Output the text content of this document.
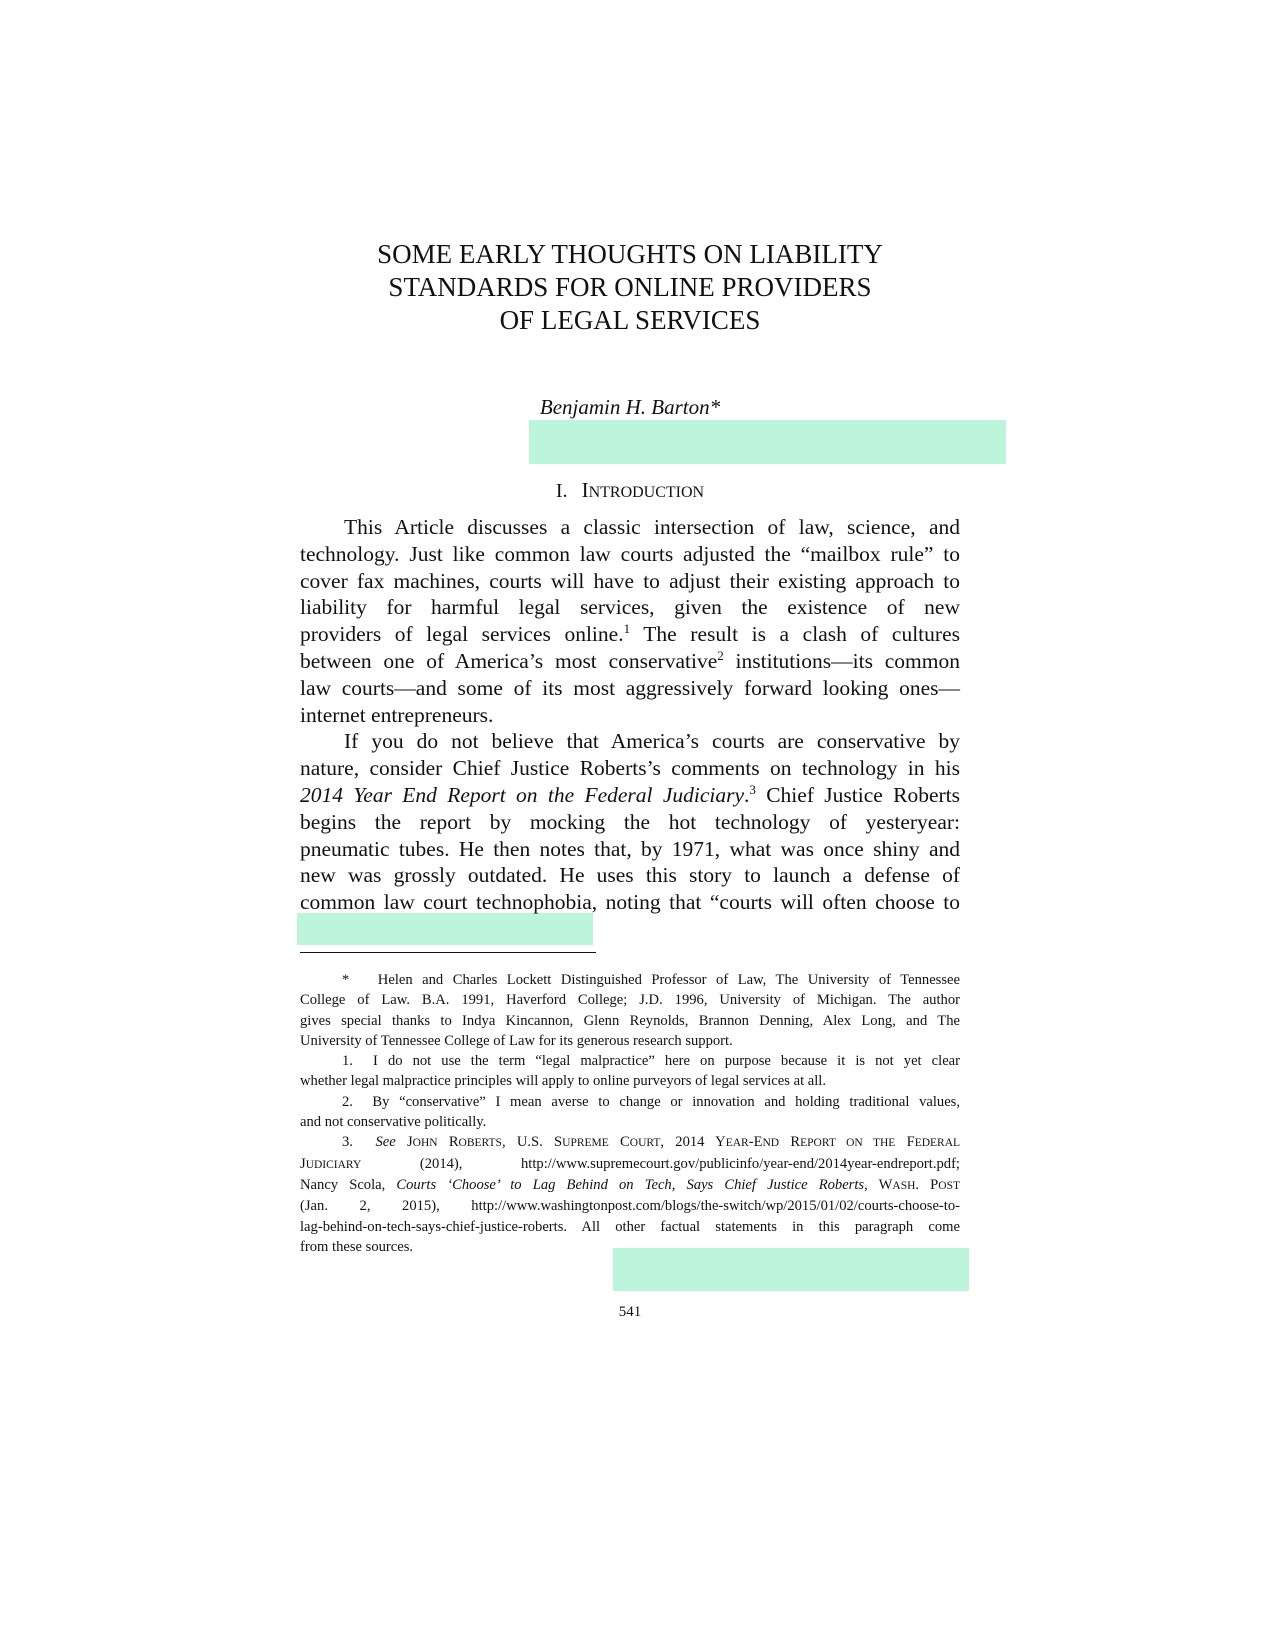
SOME EARLY THOUGHTS ON LIABILITY
STANDARDS FOR ONLINE PROVIDERS
OF LEGAL SERVICES
Benjamin H. Barton*
I. INTRODUCTION
This Article discusses a classic intersection of law, science, and
technology. Just like common law courts adjusted the “mailbox rule” to
cover fax machines, courts will have to adjust their existing approach to
liability for harmful legal services, given the existence of new
providers of legal services online.$^1$ The result is a clash of cultures
between one of America’s most conservative$^2$ institutions—its common
law courts—and some of its most aggressively forward looking ones—
internet entrepreneurs.
If you do not believe that America’s courts are conservative by
nature, consider Chief Justice Roberts’s comments on technology in his
2014 Year End Report on the Federal Judiciary.$^3$ Chief Justice Roberts
begins the report by mocking the hot technology of yesteryear:
pneumatic tubes. He then notes that, by 1971, what was once shiny and
new was grossly outdated. He uses this story to launch a defense of
common law court technophobia, noting that “courts will often choose to
* Helen and Charles Lockett Distinguished Professor of Law, The University of Tennessee
College of Law. B.A. 1991, Haverford College; J.D. 1996, University of Michigan. The author
gives special thanks to Indya Kincannon, Glenn Reynolds, Brannon Denning, Alex Long, and The
University of Tennessee College of Law for its generous research support.
1. I do not use the term “legal malpractice” here on purpose because it is not yet clear
whether legal malpractice principles will apply to online purveyors of legal services at all.
2. By “conservative” I mean averse to change or innovation and holding traditional values,
and not conservative politically.
3. See JOHN ROBERTS, U.S. SUPREME COURT, 2014 YEAR-END REPORT ON THE FEDERAL
JUDICIARY	(2014), http://www.supremecourt.gov/publicinfo/year-end/2014year-endreport.pdf;
Nancy Scola, Courts ‘Choose’ to Lag Behind on Tech, Says Chief Justice Roberts, WASH. POST
(Jan. 2, 2015), http://www.washingtonpost.com/blogs/the-switch/wp/2015/01/02/courts-choose-to-
lag-behind-on-tech-says-chief-justice-roberts. All other factual statements in this paragraph come
from these sources.
541
